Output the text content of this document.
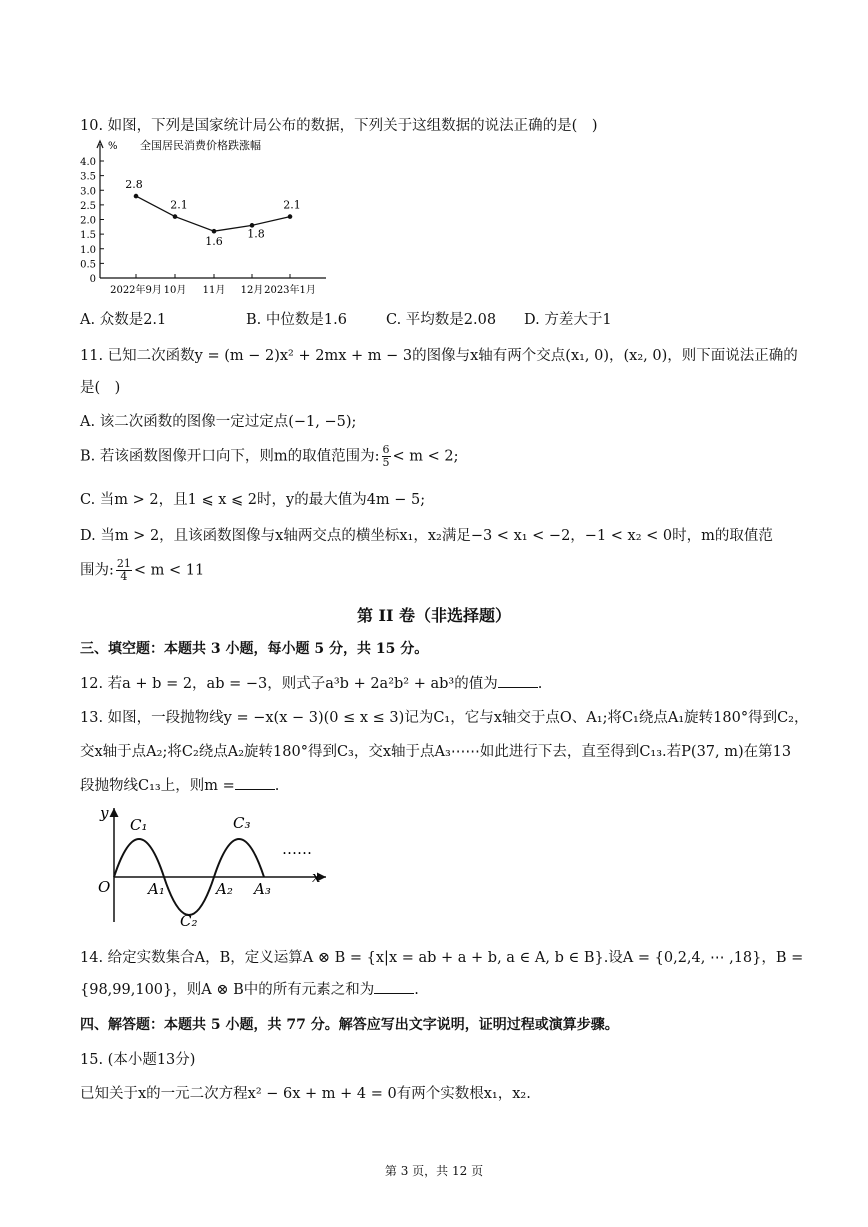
10. 如图，下列是国家统计局公布的数据，下列关于这组数据的说法正确的是(　)
% 全国居民消费价格跌涨幅
0
0.5
1.0
1.5
2.0
2.5
3.0
3.5
4.0
2022年9月 10月 11月 12月 2023年1月
2.8
2.1
1.6
1.8
2.1
A. 众数是2.1	B. 中位数是1.6	C. 平均数是2.08 D. 方差大于1
11. 已知二次函数y = (m − 2)x² + 2mx + m − 3的图像与x轴有两个交点(x₁, 0)，(x₂, 0)，则下面说法正确的
是(　)
A. 该二次函数的图像一定过定点(−1, −5);
B. 若该函数图像开口向下，则m的取值范围为: $\frac{6}{5} < m < 2$;
C. 当m > 2，且1 ⩽ x ⩽ 2时，y的最大值为4m − 5;
D. 当m > 2，且该函数图像与x轴两交点的横坐标x₁，x₂满足−3 < x₁ < −2，−1 < x₂ < 0时，m的取值范
围为: $\frac{21}{4} < m < 11$
第 II 卷（非选择题）
三、填空题：本题共 3 小题，每小题 5 分，共 15 分。
12. 若a + b = 2，ab = −3，则式子a³b + 2a²b² + ab³的值为	.
13. 如图，一段抛物线y = −x(x − 3)(0 ≤ x ≤ 3)记为C₁，它与x轴交于点O、A₁;将C₁绕点A₁旋转180°得到C₂，
交x轴于点A₂;将C₂绕点A₂旋转180°得到C₃，交x轴于点A₃⋯⋯如此进行下去，直至得到C₁₃.若P(37, m)在第13
段抛物线C₁₃上，则m =	.
y
x
O
C₁
C₂
C₃
A₁	A₂ A₃
……
14. 给定实数集合A，B，定义运算A ⊗ B = {x|x = ab + a + b, a ∈ A, b ∈ B}.设A = {0,2,4, ⋯ ,18}，B =
{98,99,100}，则A ⊗ B中的所有元素之和为	.
四、解答题：本题共 5 小题，共 77 分。解答应写出文字说明，证明过程或演算步骤。
15. (本小题13分)
已知关于x的一元二次方程x² − 6x + m + 4 = 0有两个实数根x₁，x₂.
第 3 页，共 12 页
